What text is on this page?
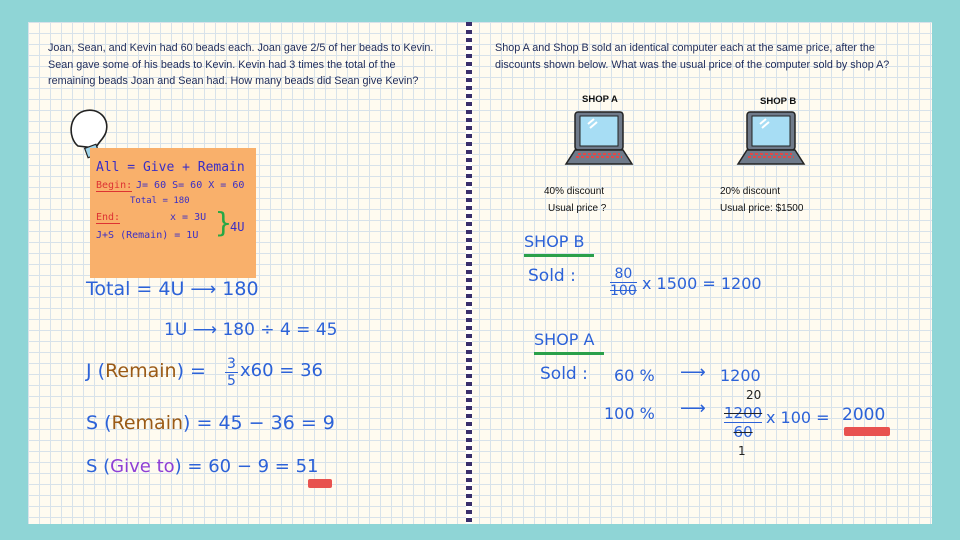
Joan, Sean, and Kevin had 60 beads each. Joan gave 2/5 of her beads to Kevin.
Sean gave some of his beads to Kevin. Kevin had 3 times the total of the
remaining beads Joan and Sean had. How many beads did Sean give Kevin?
All = Give + Remain
Begin: J= 60 S= 60 X = 60
Total = 180
End:	x = 3U
J+S (Remain) = 1U }
4U
Total = 4U ⟶ 180
1U ⟶ 180 ÷ 4 = 45
J (Remain) = 3
5 x60 = 36
S (Remain) = 45 − 36 = 9
S (Give to) = 60 − 9 = 51
Shop A and Shop B sold an identical computer each at the same price, after the
discounts shown below. What was the usual price of the computer sold by shop A?
SHOP A
40% discount
Usual price ?
SHOP B
20% discount
Usual price: $1500
SHOP B
Sold :	80
100 x 1500 = 1200
SHOP A
Sold : 60 % ⟶ 1200
100 % ⟶
20
1200
60
1
x 100 = 2000
